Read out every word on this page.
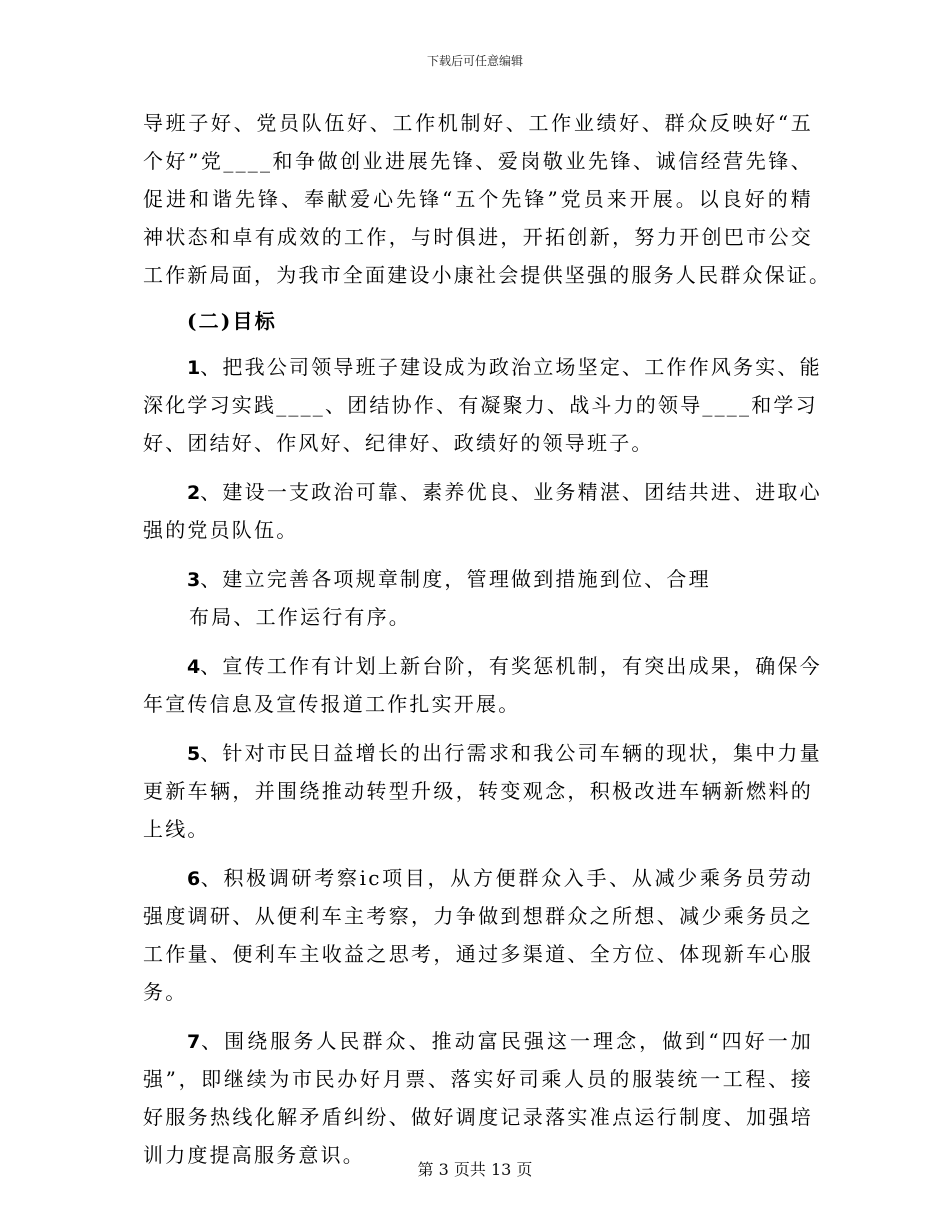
下载后可任意编辑
导班子好、党员队伍好、工作机制好、工作业绩好、群众反映好“五
个好”党____和争做创业进展先锋、爱岗敬业先锋、诚信经营先锋、
促进和谐先锋、奉献爱心先锋“五个先锋”党员来开展。以良好的精
神状态和卓有成效的工作，与时俱进，开拓创新，努力开创巴市公交
工作新局面，为我市全面建设小康社会提供坚强的服务人民群众保证。
(二)目标
1、把我公司领导班子建设成为政治立场坚定、工作作风务实、能
深化学习实践____、团结协作、有凝聚力、战斗力的领导____和学习
好、团结好、作风好、纪律好、政绩好的领导班子。
2、建设一支政治可靠、素养优良、业务精湛、团结共进、进取心
强的党员队伍。
3、建立完善各项规章制度，管理做到措施到位、合理
布局、工作运行有序。
4、宣传工作有计划上新台阶，有奖惩机制，有突出成果，确保今
年宣传信息及宣传报道工作扎实开展。
5、针对市民日益增长的出行需求和我公司车辆的现状，集中力量
更新车辆，并围绕推动转型升级，转变观念，积极改进车辆新燃料的
上线。
6、积极调研考察ic项目，从方便群众入手、从减少乘务员劳动
强度调研、从便利车主考察，力争做到想群众之所想、减少乘务员之
工作量、便利车主收益之思考，通过多渠道、全方位、体现新车心服
务。
7、围绕服务人民群众、推动富民强这一理念，做到“四好一加
强”，即继续为市民办好月票、落实好司乘人员的服装统一工程、接
好服务热线化解矛盾纠纷、做好调度记录落实准点运行制度、加强培
训力度提高服务意识。
第 3 页共 13 页
